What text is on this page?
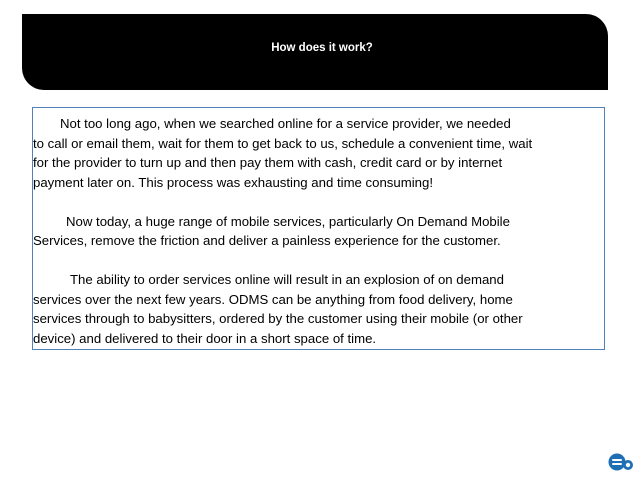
How does it work?

Not too long ago, when we searched online for a service provider, we needed
to call or email them, wait for them to get back to us, schedule a convenient time, wait
for the provider to turn up and then pay them with cash, credit card or by internet
payment later on. This process was exhausting and time consuming!

Now today, a huge range of mobile services, particularly On Demand Mobile
Services, remove the friction and deliver a painless experience for the customer.

The ability to order services online will result in an explosion of on demand
services over the next few years. ODMS can be anything from food delivery, home
services through to babysitters, ordered by the customer using their mobile (or other
device) and delivered to their door in a short space of time.
